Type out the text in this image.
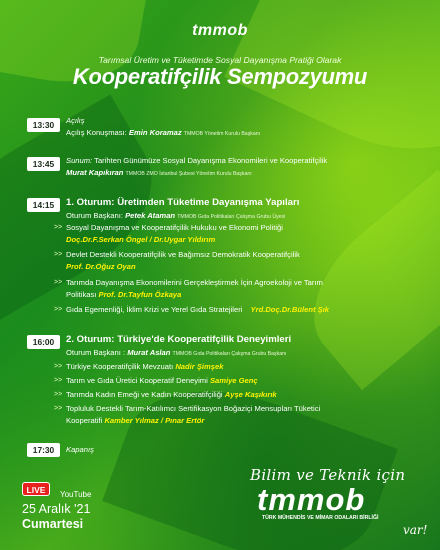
tmmob
Tarımsal Üretim ve Tüketimde Sosyal Dayanışma Pratiği Olarak
Kooperatifçilik Sempozyumu
13:30	Açılış
Açılış Konuşması: Emin Koramaz TMMOB Yönetim Kurulu Başkanı
13:45	Sunum: Tarihten Günümüze Sosyal Dayanışma Ekonomileri ve Kooperatifçilik
Murat Kapıkıran TMMOB ZMO İstanbul Şubesi Yönetim Kurulu Başkanı
14:15	1. Oturum: Üretimden Tüketime Dayanışma Yapıları
Oturum Başkanı: Petek Ataman TMMOB Gıda Politikaları Çalışma Grubu Üyesi
>> Sosyal Dayanışma ve Kooperatifçilik Hukuku ve Ekonomi Politiği
Doç.Dr.F.Serkan Öngel / Dr.Uygar Yıldırım
>> Devlet Destekli Kooperatifçilik ve Bağımsız Demokratik Kooperatifçilik
Prof. Dr.Oğuz Oyan
>> Tarımda Dayanışma Ekonomilerini Gerçekleştirmek İçin Agroekoloji ve Tarım
Politikası Prof. Dr.Tayfun Özkaya
>> Gıda Egemenliği, İklim Krizi ve Yerel Gıda Stratejileri Yrd.Doç.Dr.Bülent Şık
16:00	2. Oturum: Türkiye'de Kooperatifçilik Deneyimleri
Oturum Başkanı : Murat Aslan TMMOB Gıda Politikaları Çalışma Grubu Başkanı
>> Türkiye Kooperatifçilik Mevzuatı Nadir Şimşek
>> Tarım ve Gıda Üretici Kooperatif Deneyimi Samiye Genç
>> Tarımda Kadın Emeği ve Kadın Kooperatifçiliği Ayşe Kaşıkırık
>> Topluluk Destekli Tarım-Katılımcı Sertifikasyon Boğaziçi Mensupları Tüketici
Kooperatifi Kamber Yılmaz / Pınar Ertör
17:30	Kapanış
LIVE	YouTube
25 Aralık '21
Cumartesi
Bilim ve Teknik için
tmmob
TÜRK MÜHENDİS VE MİMAR ODALARI BİRLİĞİ
var!
